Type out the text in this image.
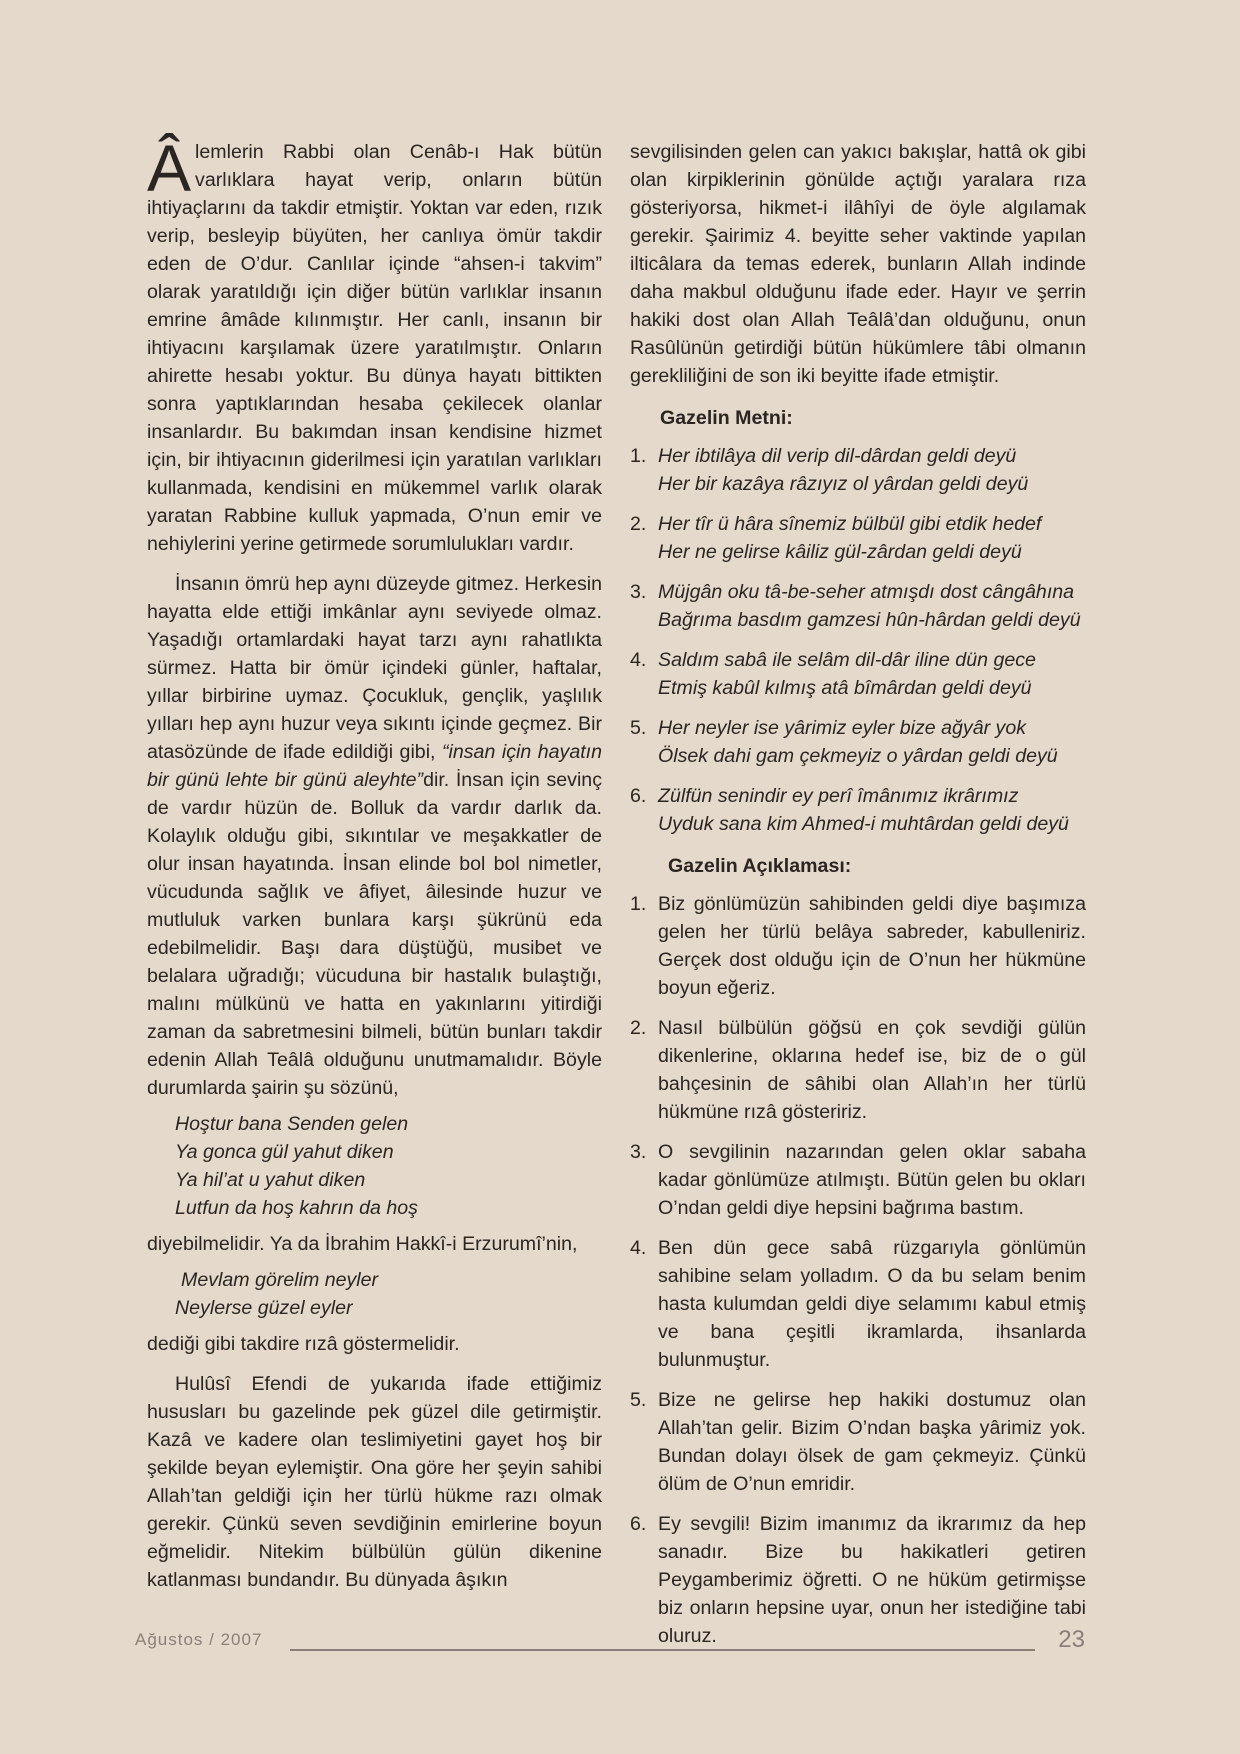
Âlemlerin Rabbi olan Cenâb-ı Hak bütün varlıklara hayat verip, onların bütün ihtiyaçlarını da takdir etmiştir. Yoktan var eden, rızık verip, besleyip büyüten, her canlıya ömür takdir eden de O’dur. Canlılar içinde “ahsen-i takvim” olarak yaratıldığı için diğer bütün varlıklar insanın emrine âmâde kılınmıştır. Her canlı, insanın bir ihtiyacını karşılamak üzere yaratılmıştır. Onların ahirette hesabı yoktur. Bu dünya hayatı bittikten sonra yaptıklarından hesaba çekilecek olanlar insanlardır. Bu bakımdan insan kendisine hizmet için, bir ihtiyacının giderilmesi için yaratılan varlıkları kullanmada, kendisini en mükemmel varlık olarak yaratan Rabbine kulluk yapmada, O’nun emir ve nehiylerini yerine getirmede sorumlulukları vardır.

İnsanın ömrü hep aynı düzeyde gitmez. Herkesin hayatta elde ettiği imkânlar aynı seviyede olmaz. Yaşadığı ortamlardaki hayat tarzı aynı rahatlıkta sürmez. Hatta bir ömür içindeki günler, haftalar, yıllar birbirine uymaz. Çocukluk, gençlik, yaşlılık yılları hep aynı huzur veya sıkıntı içinde geçmez. Bir atasözünde de ifade edildiği gibi, “insan için hayatın bir günü lehte bir günü aleyhte”dir. İnsan için sevinç de vardır hüzün de. Bolluk da vardır darlık da. Kolaylık olduğu gibi, sıkıntılar ve meşakkatler de olur insan hayatında. İnsan elinde bol bol nimetler, vücudunda sağlık ve âfiyet, âilesinde huzur ve mutluluk varken bunlara karşı şükrünü eda edebilmelidir. Başı dara düştüğü, musibet ve belalara uğradığı; vücuduna bir hastalık bulaştığı, malını mülkünü ve hatta en yakınlarını yitirdiği zaman da sabretmesini bilmeli, bütün bunları takdir edenin Allah Teâlâ olduğunu unutmamalıdır. Böyle durumlarda şairin şu sözünü,

Hoştur bana Senden gelen
Ya gonca gül yahut diken
Ya hil’at u yahut diken
Lutfun da hoş kahrın da hoş

diyebilmelidir. Ya da İbrahim Hakkî-i Erzurumî’nin,

Mevlam görelim neyler
Neylerse güzel eyler

dediği gibi takdire rızâ göstermelidir.

Hulûsî Efendi de yukarıda ifade ettiğimiz hususları bu gazelinde pek güzel dile getirmiştir. Kazâ ve kadere olan teslimiyetini gayet hoş bir şekilde beyan eylemiştir. Ona göre her şeyin sahibi Allah’tan geldiği için her türlü hükme razı olmak gerekir. Çünkü seven sevdiğinin emirlerine boyun eğmelidir. Nitekim bülbülün gülün dikenine katlanması bundandır. Bu dünyada âşıkın

sevgilisinden gelen can yakıcı bakışlar, hattâ ok gibi olan kirpiklerinin gönülde açtığı yaralara rıza gösteriyorsa, hikmet-i ilâhîyi de öyle algılamak gerekir. Şairimiz 4. beyitte seher vaktinde yapılan ilticâlara da temas ederek, bunların Allah indinde daha makbul olduğunu ifade eder. Hayır ve şerrin hakiki dost olan Allah Teâlâ’dan olduğunu, onun Rasûlünün getirdiği bütün hükümlere tâbi olmanın gerekliliğini de son iki beyitte ifade etmiştir.

Gazelin Metni:
1. Her ibtilâya dil verip dil-dârdan geldi deyü
Her bir kazâya râzıyız ol yârdan geldi deyü
2. Her tîr ü hâra sînemiz bülbül gibi etdik hedef
Her ne gelirse kâiliz gül-zârdan geldi deyü
3. Müjgân oku tâ-be-seher atmışdı dost cângâhına
Bağrıma basdım gamzesi hûn-hârdan geldi deyü
4. Saldım sabâ ile selâm dil-dâr iline dün gece
Etmiş kabûl kılmış atâ bîmârdan geldi deyü
5. Her neyler ise yârimiz eyler bize ağyâr yok
Ölsek dahi gam çekmeyiz o yârdan geldi deyü
6. Zülfün senindir ey perî îmânımız ikrârımız
Uyduk sana kim Ahmed-i muhtârdan geldi deyü
Gazelin Açıklaması:
1. Biz gönlümüzün sahibinden geldi diye başımıza gelen her türlü belâya sabreder, kabulleniriz. Gerçek dost olduğu için de O’nun her hükmüne boyun eğeriz.
2. Nasıl bülbülün göğsü en çok sevdiği gülün dikenlerine, oklarına hedef ise, biz de o gül bahçesinin de sâhibi olan Allah’ın her türlü hükmüne rızâ gösteririz.
3. O sevgilinin nazarından gelen oklar sabaha kadar gönlümüze atılmıştı. Bütün gelen bu okları O’ndan geldi diye hepsini bağrıma bastım.
4. Ben dün gece sabâ rüzgarıyla gönlümün sahibine selam yolladım. O da bu selam benim hasta kulumdan geldi diye selamımı kabul etmiş ve bana çeşitli ikramlarda, ihsanlarda bulunmuştur.
5. Bize ne gelirse hep hakiki dostumuz olan Allah’tan gelir. Bizim O’ndan başka yârimiz yok. Bundan dolayı ölsek de gam çekmeyiz. Çünkü ölüm de O’nun emridir.
6. Ey sevgili! Bizim imanımız da ikrarımız da hep sanadır. Bize bu hakikatleri getiren Peygamberimiz öğretti. O ne hüküm getirmişse biz onların hepsine uyar, onun her istediğine tabi oluruz.
Ağustos / 2007	23
